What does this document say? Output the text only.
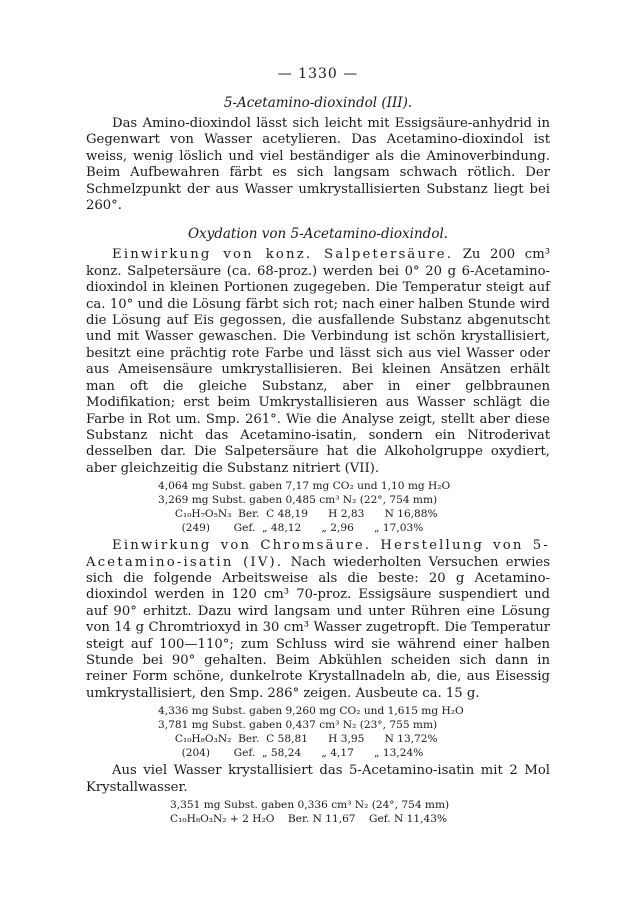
— 1330 —
5-Acetamino-dioxindol (III).

Das Amino-dioxindol lässt sich leicht mit Essigsäure-anhydrid in Gegenwart von Wasser acetylieren. Das Acetamino-dioxindol ist weiss, wenig löslich und viel beständiger als die Aminoverbindung. Beim Aufbewahren färbt es sich langsam schwach rötlich. Der Schmelzpunkt der aus Wasser umkrystallisierten Substanz liegt bei 260°.

Oxydation von 5-Acetamino-dioxindol.

Einwirkung von konz. Salpetersäure. Zu 200 cm³ konz. Salpetersäure (ca. 68-proz.) werden bei 0° 20 g 6-Acetamino-dioxindol in kleinen Portionen zugegeben. Die Temperatur steigt auf ca. 10° und die Lösung färbt sich rot; nach einer halben Stunde wird die Lösung auf Eis gegossen, die ausfallende Substanz abgenutscht und mit Wasser gewaschen. Die Verbindung ist schön krystallisiert, besitzt eine prächtig rote Farbe und lässt sich aus viel Wasser oder aus Ameisensäure umkrystallisieren. Bei kleinen Ansätzen erhält man oft die gleiche Substanz, aber in einer gelbbraunen Modifikation; erst beim Umkrystallisieren aus Wasser schlägt die Farbe in Rot um. Smp. 261°. Wie die Analyse zeigt, stellt aber diese Substanz nicht das Acetamino-isatin, sondern ein Nitroderivat desselben dar. Die Salpetersäure hat die Alkoholgruppe oxydiert, aber gleichzeitig die Substanz nitriert (VII).

4,064 mg Subst. gaben 7,17 mg CO₂ und 1,10 mg H₂O
3,269 mg Subst. gaben 0,485 cm³ N₂ (22°, 754 mm)
C₁₀H₇O₅N₃  Ber.  C 48,19      H 2,83      N 16,88%
(249)       Gef.  „ 48,12      „ 2,96      „ 17,03%

Einwirkung von Chromsäure. Herstellung von 5-Acetamino-isatin (IV). Nach wiederholten Versuchen erwies sich die folgende Arbeitsweise als die beste: 20 g Acetamino-dioxindol werden in 120 cm³ 70-proz. Essigsäure suspendiert und auf 90° erhitzt. Dazu wird langsam und unter Rühren eine Lösung von 14 g Chromtrioxyd in 30 cm³ Wasser zugetropft. Die Temperatur steigt auf 100—110°; zum Schluss wird sie während einer halben Stunde bei 90° gehalten. Beim Abkühlen scheiden sich dann in reiner Form schöne, dunkelrote Krystallnadeln ab, die, aus Eisessig umkrystallisiert, den Smp. 286° zeigen. Ausbeute ca. 15 g.

4,336 mg Subst. gaben 9,260 mg CO₂ und 1,615 mg H₂O
3,781 mg Subst. gaben 0,437 cm³ N₂ (23°, 755 mm)
C₁₀H₈O₃N₂  Ber.  C 58,81      H 3,95      N 13,72%
(204)       Gef.  „ 58,24      „ 4,17      „ 13,24%

Aus viel Wasser krystallisiert das 5-Acetamino-isatin mit 2 Mol Krystallwasser.

3,351 mg Subst. gaben 0,336 cm³ N₂ (24°, 754 mm)
C₁₀H₈O₃N₂ + 2 H₂O    Ber. N 11,67    Gef. N 11,43%
